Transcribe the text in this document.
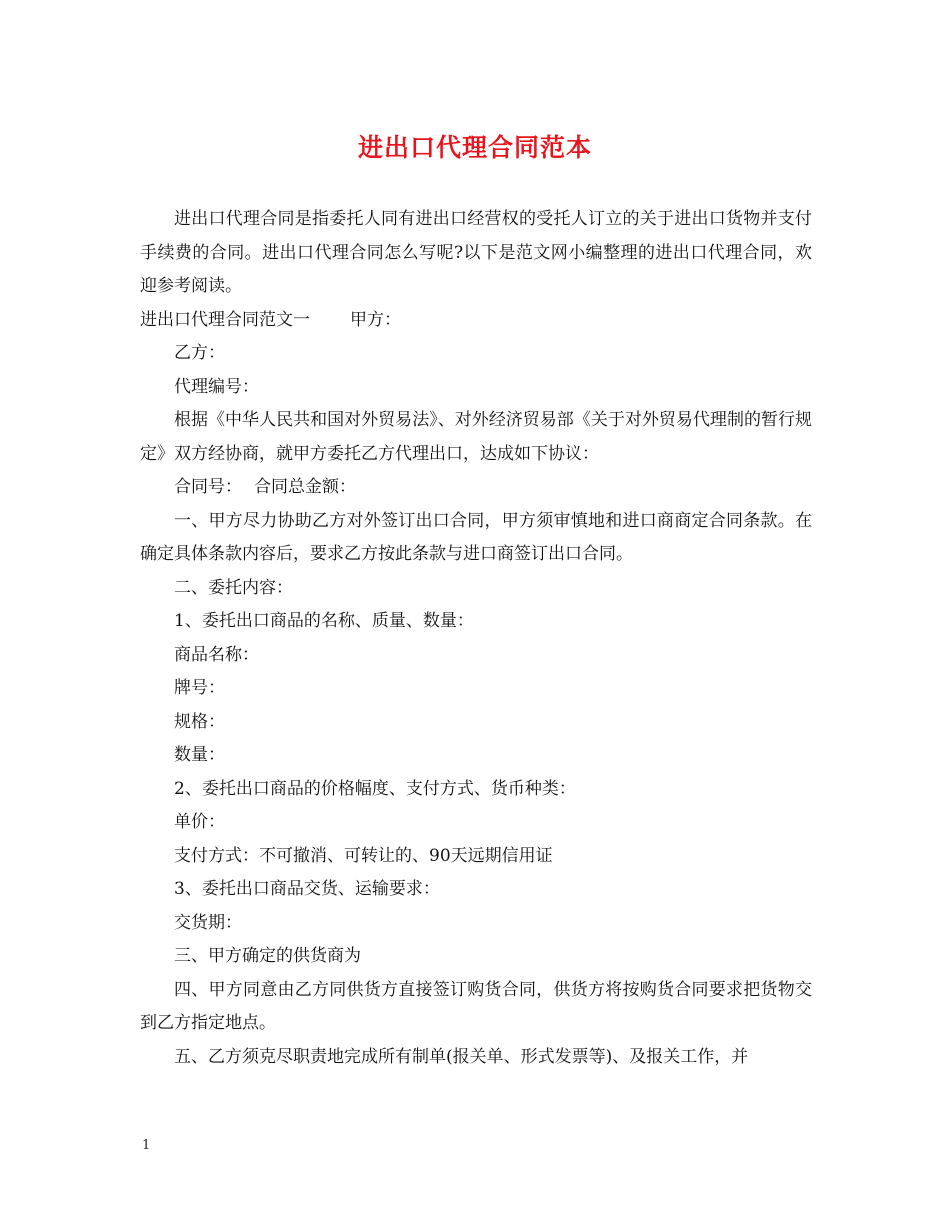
进出口代理合同范本

进出口代理合同是指委托人同有进出口经营权的受托人订立的关于进出口货物并支付手续费的合同。进出口代理合同怎么写呢?以下是范文网小编整理的进出口代理合同，欢迎参考阅读。

进出口代理合同范文一 甲方：

乙方：

代理编号：

根据《中华人民共和国对外贸易法》、对外经济贸易部《关于对外贸易代理制的暂行规定》双方经协商，就甲方委托乙方代理出口，达成如下协议：

合同号： 合同总金额：

一、甲方尽力协助乙方对外签订出口合同，甲方须审慎地和进口商商定合同条款。在确定具体条款内容后，要求乙方按此条款与进口商签订出口合同。

二、委托内容：

1、委托出口商品的名称、质量、数量：

商品名称：

牌号：

规格：

数量：

2、委托出口商品的价格幅度、支付方式、货币种类：

单价：

支付方式：不可撤消、可转让的、90天远期信用证

3、委托出口商品交货、运输要求：

交货期：

三、甲方确定的供货商为

四、甲方同意由乙方同供货方直接签订购货合同，供货方将按购货合同要求把货物交到乙方指定地点。

五、乙方须克尽职责地完成所有制单(报关单、形式发票等)、及报关工作，并

1
